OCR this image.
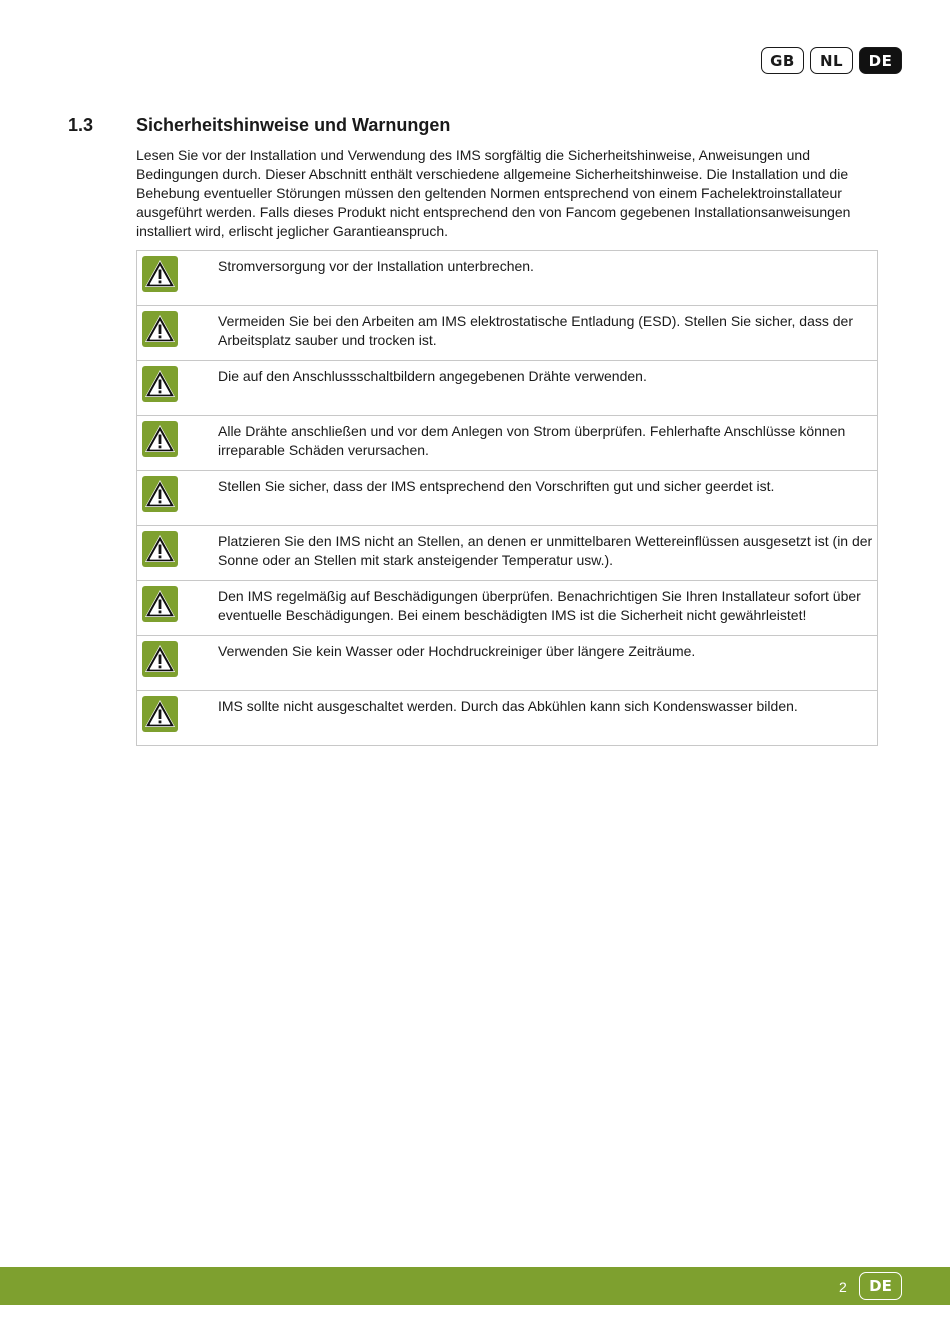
GB	NL	DE
1.3 Sicherheitshinweise und Warnungen

Lesen Sie vor der Installation und Verwendung des IMS sorgfältig die Sicherheitshinweise, Anweisungen und Bedingungen durch. Dieser Abschnitt enthält verschiedene allgemeine Sicherheitshinweise. Die Installation und die Behebung eventueller Störungen müssen den geltenden Normen entsprechend von einem Fachelektroinstallateur ausgeführt werden. Falls dieses Produkt nicht entsprechend den von Fancom gegebenen Installationsanweisungen installiert wird, erlischt jeglicher Garantieanspruch.

	Stromversorgung vor der Installation unterbrechen.

	Vermeiden Sie bei den Arbeiten am IMS elektrostatische Entladung (ESD). Stellen Sie sicher, dass der Arbeitsplatz sauber und trocken ist.

	Die auf den Anschlussschaltbildern angegebenen Drähte verwenden.

	Alle Drähte anschließen und vor dem Anlegen von Strom überprüfen. Fehlerhafte Anschlüsse können irreparable Schäden verursachen.

	Stellen Sie sicher, dass der IMS entsprechend den Vorschriften gut und sicher geerdet ist.

	Platzieren Sie den IMS nicht an Stellen, an denen er unmittelbaren Wettereinflüssen ausgesetzt ist (in der Sonne oder an Stellen mit stark ansteigender Temperatur usw.).

	Den IMS regelmäßig auf Beschädigungen überprüfen. Benachrichtigen Sie Ihren Installateur sofort über eventuelle Beschädigungen. Bei einem beschädigten IMS ist die Sicherheit nicht gewährleistet!

	Verwenden Sie kein Wasser oder Hochdruckreiniger über längere Zeiträume.

	IMS sollte nicht ausgeschaltet werden. Durch das Abkühlen kann sich Kondenswasser bilden.
2	DE
